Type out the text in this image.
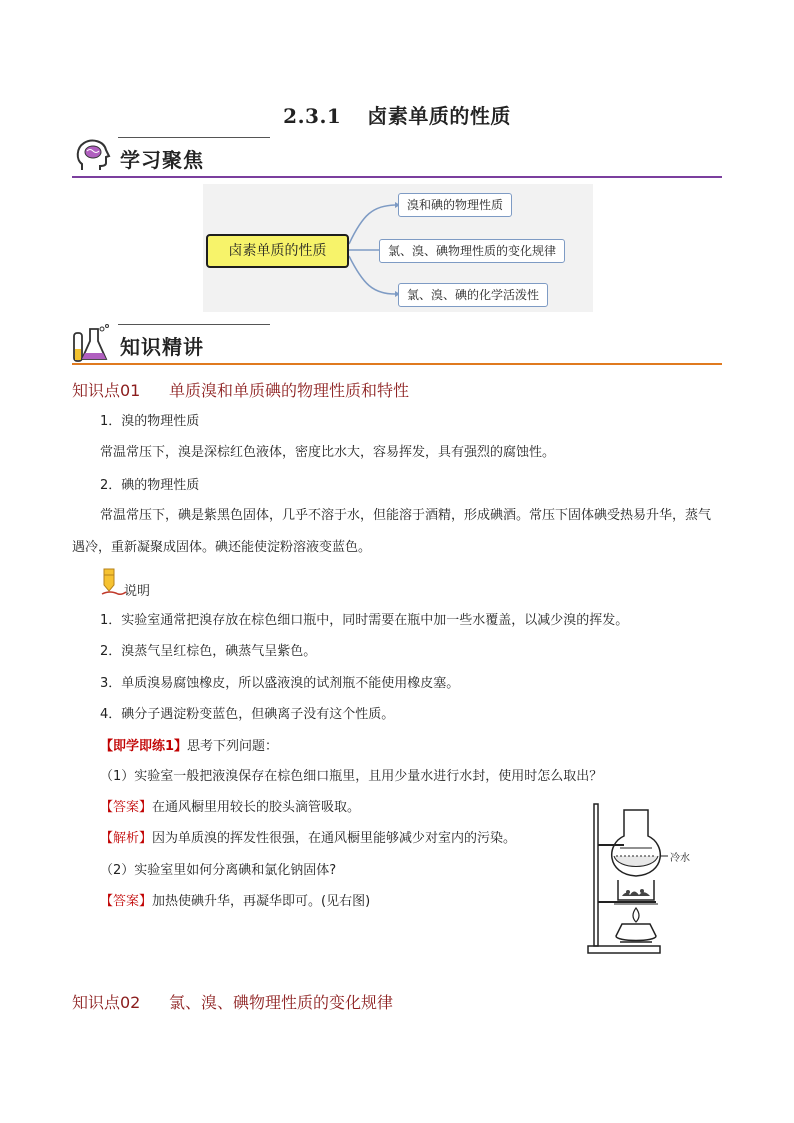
2.3.1 卤素单质的性质
学习聚焦
卤素单质的性质
溴和碘的物理性质
氯、溴、碘物理性质的变化规律
氯、溴、碘的化学活泼性
知识精讲
知识点01 单质溴和单质碘的物理性质和特性
1．溴的物理性质
常温常压下，溴是深棕红色液体，密度比水大，容易挥发，具有强烈的腐蚀性。
2．碘的物理性质
常温常压下，碘是紫黑色固体，几乎不溶于水，但能溶于酒精，形成碘酒。常压下固体碘受热易升华，蒸气遇冷，重新凝聚成固体。碘还能使淀粉溶液变蓝色。
说明
1．实验室通常把溴存放在棕色细口瓶中，同时需要在瓶中加一些水覆盖，以减少溴的挥发。
2．溴蒸气呈红棕色，碘蒸气呈紫色。
3．单质溴易腐蚀橡皮，所以盛液溴的试剂瓶不能使用橡皮塞。
4．碘分子遇淀粉变蓝色，但碘离子没有这个性质。
【即学即练1】思考下列问题：
（1）实验室一般把液溴保存在棕色细口瓶里，且用少量水进行水封，使用时怎么取出？
【答案】在通风橱里用较长的胶头滴管吸取。
【解析】因为单质溴的挥发性很强，在通风橱里能够减少对室内的污染。
（2）实验室里如何分离碘和氯化钠固体?
【答案】加热使碘升华，再凝华即可。(见右图)
冷水
知识点02 氯、溴、碘物理性质的变化规律
